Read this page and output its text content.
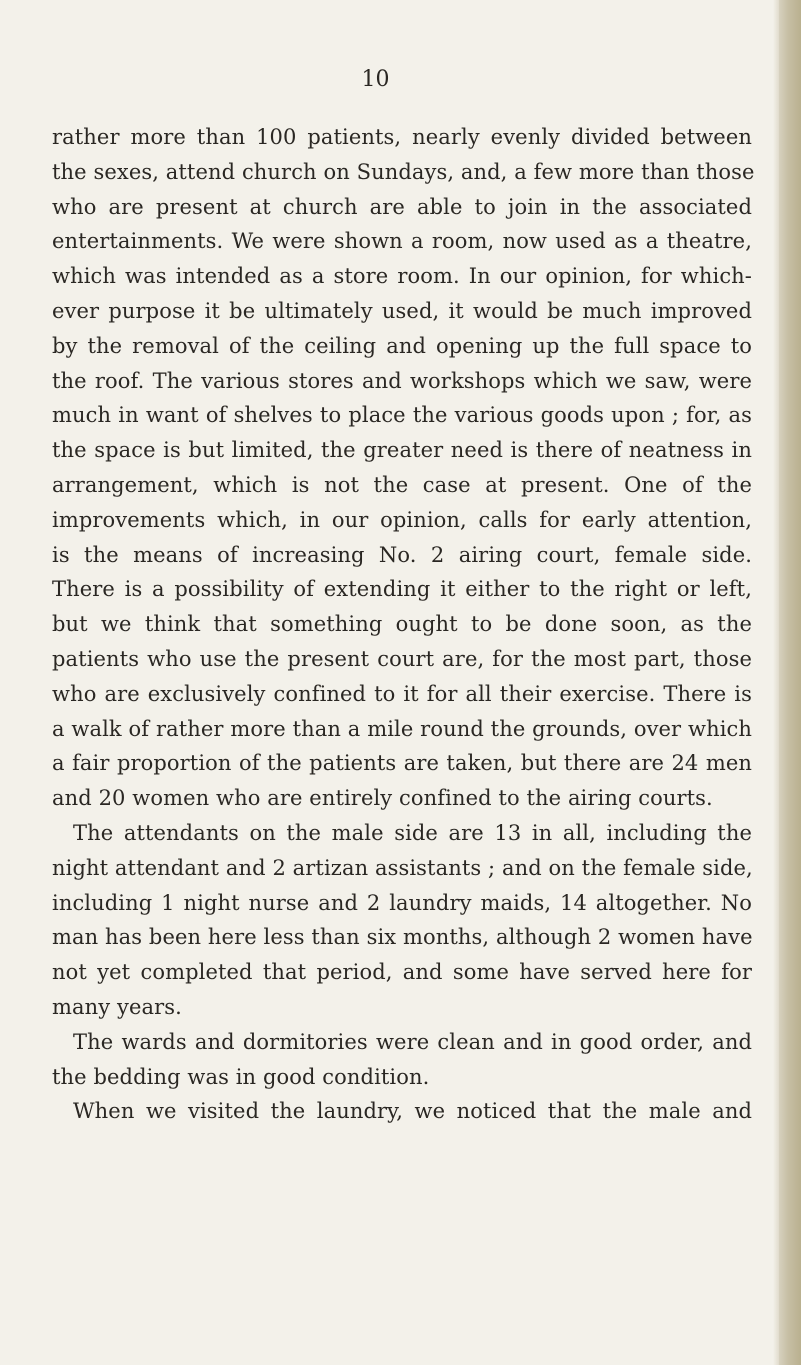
10
rather more than 100 patients, nearly evenly divided between
the sexes, attend church on Sundays, and, a few more than those
who are present at church are able to join in the associated
entertainments. We were shown a room, now used as a theatre,
which was intended as a store room. In our opinion, for which-
ever purpose it be ultimately used, it would be much improved
by the removal of the ceiling and opening up the full space to
the roof. The various stores and workshops which we saw, were
much in want of shelves to place the various goods upon ; for, as
the space is but limited, the greater need is there of neatness in
arrangement, which is not the case at present. One of the
improvements which, in our opinion, calls for early attention,
is the means of increasing No. 2 airing court, female side.
There is a possibility of extending it either to the right or left,
but we think that something ought to be done soon, as the
patients who use the present court are, for the most part, those
who are exclusively confined to it for all their exercise. There is
a walk of rather more than a mile round the grounds, over which
a fair proportion of the patients are taken, but there are 24 men
and 20 women who are entirely confined to the airing courts.
The attendants on the male side are 13 in all, including the
night attendant and 2 artizan assistants ; and on the female side,
including 1 night nurse and 2 laundry maids, 14 altogether. No
man has been here less than six months, although 2 women have
not yet completed that period, and some have served here for
many years.
The wards and dormitories were clean and in good order, and
the bedding was in good condition.
When we visited the laundry, we noticed that the male and
